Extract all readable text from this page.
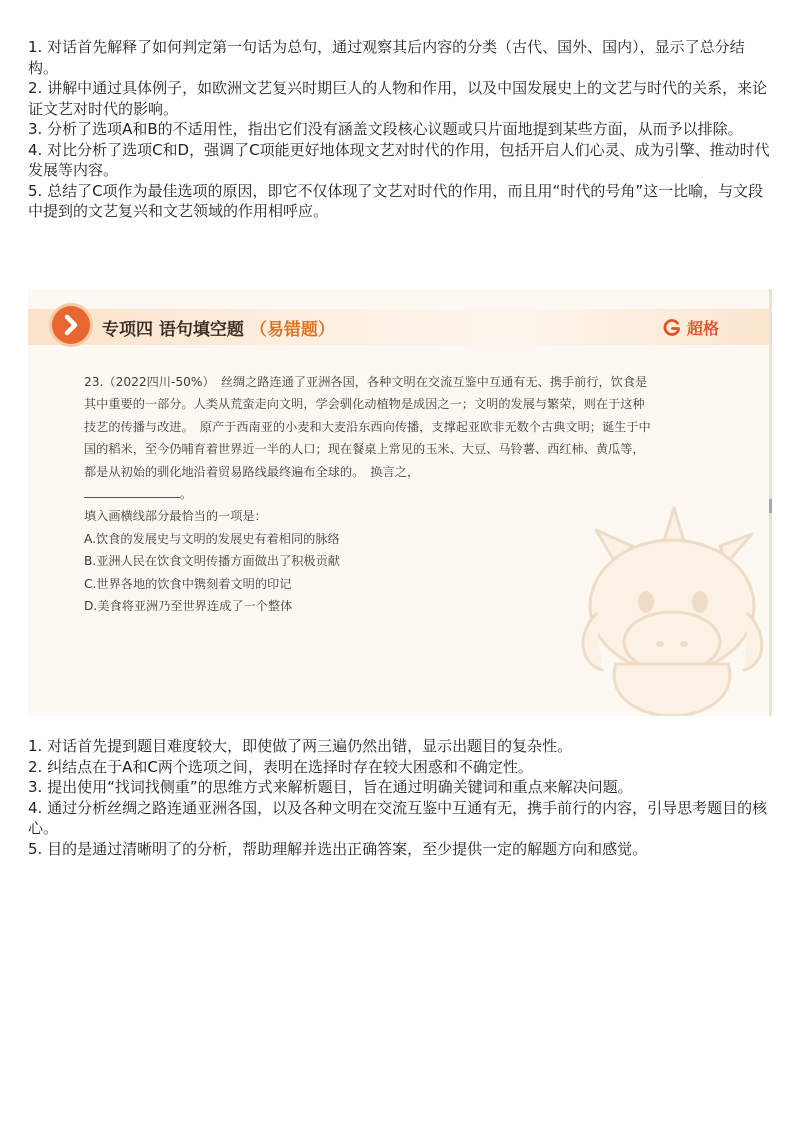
1. 对话首先解释了如何判定第一句话为总句，通过观察其后内容的分类（古代、国外、国内），显示了总分结构。

2. 讲解中通过具体例子，如欧洲文艺复兴时期巨人的人物和作用，以及中国发展史上的文艺与时代的关系，来论证文艺对时代的影响。

3. 分析了选项A和B的不适用性，指出它们没有涵盖文段核心议题或只片面地提到某些方面，从而予以排除。

4. 对比分析了选项C和D，强调了C项能更好地体现文艺对时代的作用，包括开启人们心灵、成为引擎、推动时代发展等内容。

5. 总结了C项作为最佳选项的原因，即它不仅体现了文艺对时代的作用，而且用“时代的号角”这一比喻，与文段中提到的文艺复兴和文艺领域的作用相呼应。

专项四 语句填空题 （易错题）	超格

23.（2022四川-50%）　丝绸之路连通了亚洲各国，各种文明在交流互鉴中互通有无、携手前行，饮食是其中重要的一部分。人类从荒蛮走向文明，学会驯化动植物是成因之一；文明的发展与繁荣，则在于这种技艺的传播与改进。　原产于西南亚的小麦和大麦沿东西向传播，支撑起亚欧非无数个古典文明；诞生于中国的稻米，至今仍哺育着世界近一半的人口；现在餐桌上常见的玉米、大豆、马铃薯、西红柿、黄瓜等，都是从初始的驯化地沿着贸易路线最终遍布全球的。　换言之，
。

填入画横线部分最恰当的一项是：

A.饮食的发展史与文明的发展史有着相同的脉络

B.亚洲人民在饮食文明传播方面做出了积极贡献

C.世界各地的饮食中镌刻着文明的印记

D.美食将亚洲乃至世界连成了一个整体

1. 对话首先提到题目难度较大，即使做了两三遍仍然出错，显示出题目的复杂性。

2. 纠结点在于A和C两个选项之间，表明在选择时存在较大困惑和不确定性。

3. 提出使用“找词找侧重”的思维方式来解析题目，旨在通过明确关键词和重点来解决问题。

4. 通过分析丝绸之路连通亚洲各国，以及各种文明在交流互鉴中互通有无，携手前行的内容，引导思考题目的核心。

5. 目的是通过清晰明了的分析，帮助理解并选出正确答案，至少提供一定的解题方向和感觉。
